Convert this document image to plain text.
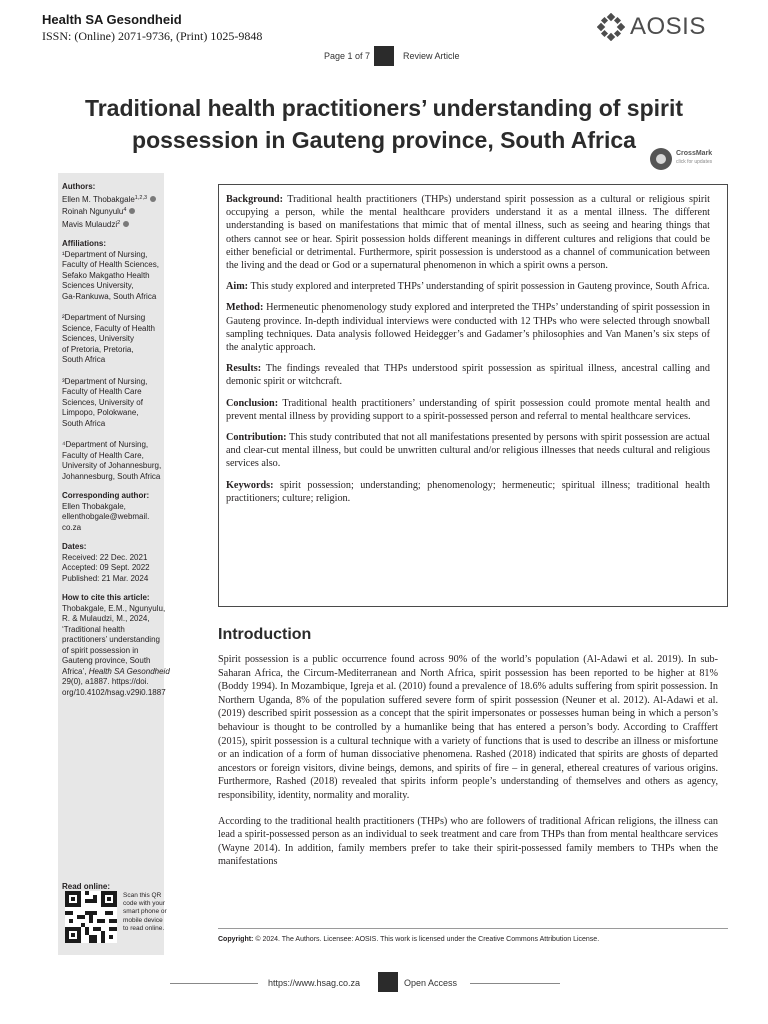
Health SA Gesondheid
ISSN: (Online) 2071-9736, (Print) 1025-9848	AOSIS
Page 1 of 7	Review Article
Traditional health practitioners’ understanding of spirit
possession in Gauteng province, South Africa
CrossMark
click for updates
Authors:
Ellen M. Thobakgale$^{1,2,3}$
Roinah Ngunyulu$^4$
Mavis Mulaudzi$^2$
Affiliations:
¹Department of Nursing,
Faculty of Health Sciences,
Sefako Makgatho Health
Sciences University,
Ga-Rankuwa, South Africa
²Department of Nursing
Science, Faculty of Health
Sciences, University
of Pretoria, Pretoria,
South Africa
³Department of Nursing,
Faculty of Health Care
Sciences, University of
Limpopo, Polokwane,
South Africa
⁴Department of Nursing,
Faculty of Health Care,
University of Johannesburg,
Johannesburg, South Africa
Corresponding author:
Ellen Thobakgale,
ellenthobgale@webmail.
co.za
Dates:
Received: 22 Dec. 2021
Accepted: 09 Sept. 2022
Published: 21 Mar. 2024
How to cite this article:
Thobakgale, E.M., Ngunyulu,
R. & Mulaudzi, M., 2024,
‘Traditional health
practitioners’ understanding
of spirit possession in
Gauteng province, South
Africa’, Health SA Gesondheid
29(0), a1887. https://doi.
org/10.4102/hsag.v29i0.1887
Read online:
Scan this QR
code with your
smart phone or
mobile device
to read online.

Background: Traditional health practitioners (THPs) understand spirit possession as a cultural or religious spirit occupying a person, while the mental healthcare providers understand it as a mental illness. The different understanding is based on manifestations that mimic that of mental illness, such as seeing and hearing things that others cannot see or hear. Spirit possession holds different meanings in different cultures and religions that could be either beneficial or detrimental. Furthermore, spirit possession is understood as a channel of communication between the living and the dead or God or a supernatural phenomenon in which a spirit owns a person.

Aim: This study explored and interpreted THPs’ understanding of spirit possession in Gauteng province, South Africa.

Method: Hermeneutic phenomenology study explored and interpreted the THPs’ understanding of spirit possession in Gauteng province. In-depth individual interviews were conducted with 12 THPs who were selected through snowball sampling techniques. Data analysis followed Heidegger’s and Gadamer’s philosophies and Van Manen’s six steps of the analytic approach.

Results: The findings revealed that THPs understood spirit possession as spiritual illness, ancestral calling and demonic spirit or witchcraft.

Conclusion: Traditional health practitioners’ understanding of spirit possession could promote mental health and prevent mental illness by providing support to a spirit-possessed person and referral to mental healthcare services.

Contribution: This study contributed that not all manifestations presented by persons with spirit possession are actual and clear-cut mental illness, but could be unwritten cultural and/or religious illnesses that needs cultural and religious services also.

Keywords: spirit possession; understanding; phenomenology; hermeneutic; spiritual illness; traditional health practitioners; culture; religion.

Introduction

Spirit possession is a public occurrence found across 90% of the world’s population (Al-Adawi et al. 2019). In sub-Saharan Africa, the Circum-Mediterranean and North Africa, spirit possession has been reported to be higher at 81% (Boddy 1994). In Mozambique, Igreja et al. (2010) found a prevalence of 18.6% adults suffering from spirit possession. In Northern Uganda, 8% of the population suffered severe form of spirit possession (Neuner et al. 2012). Al-Adawi et al. (2019) described spirit possession as a concept that the spirit impersonates or possesses human being in which a person’s behaviour is thought to be controlled by a humanlike being that has entered a person’s body. According to Crafffert (2015), spirit possession is a cultural technique with a variety of functions that is used to describe an illness or misfortune or an indication of a form of human dissociative phenomena. Rashed (2018) indicated that spirits are ghosts of departed ancestors or foreign visitors, divine beings, demons, and spirits of fire – in general, ethereal creatures of various origins. Furthermore, Rashed (2018) revealed that spirits inform people’s understanding of themselves and others as agency, responsibility, identity, normality and morality.

According to the traditional health practitioners (THPs) who are followers of traditional African religions, the illness can lead a spirit-possessed person as an individual to seek treatment and care from THPs than from mental healthcare services (Wayne 2014). In addition, family members prefer to take their spirit-possessed family members to THPs when the manifestations

Copyright: © 2024. The Authors. Licensee: AOSIS. This work is licensed under the Creative Commons Attribution License.
https://www.hsag.co.za	Open Access
